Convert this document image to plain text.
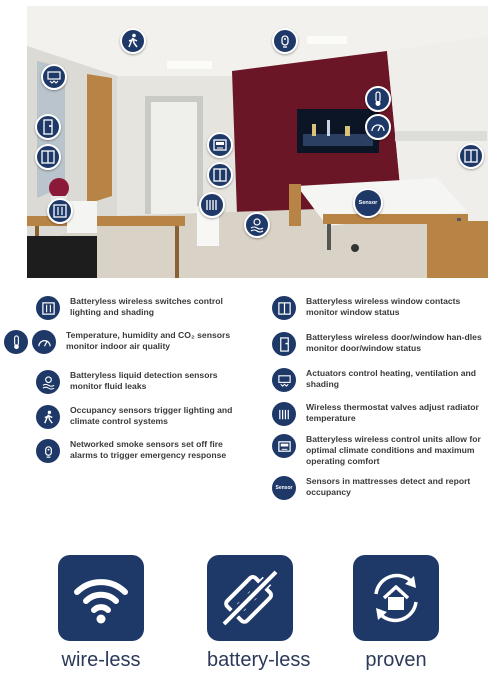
Sensor
Batteryless wireless switches control lighting and shading
Temperature, humidity and CO₂ sensors monitor indoor air quality
Batteryless liquid detection sensors monitor fluid leaks
Occupancy sensors trigger lighting and climate control systems
Networked smoke sensors set off fire alarms to trigger emergency response
Batteryless wireless window contacts monitor window status
Batteryless wireless door/window han-dles monitor door/window status
Actuators control heating, ventilation and shading
Wireless thermostat valves adjust radiator temperature
Batteryless wireless control units allow for optimal climate conditions and maximum operating comfort
Sensor
Sensors in mattresses detect and report occupancy
wire-less	battery-less	proven
